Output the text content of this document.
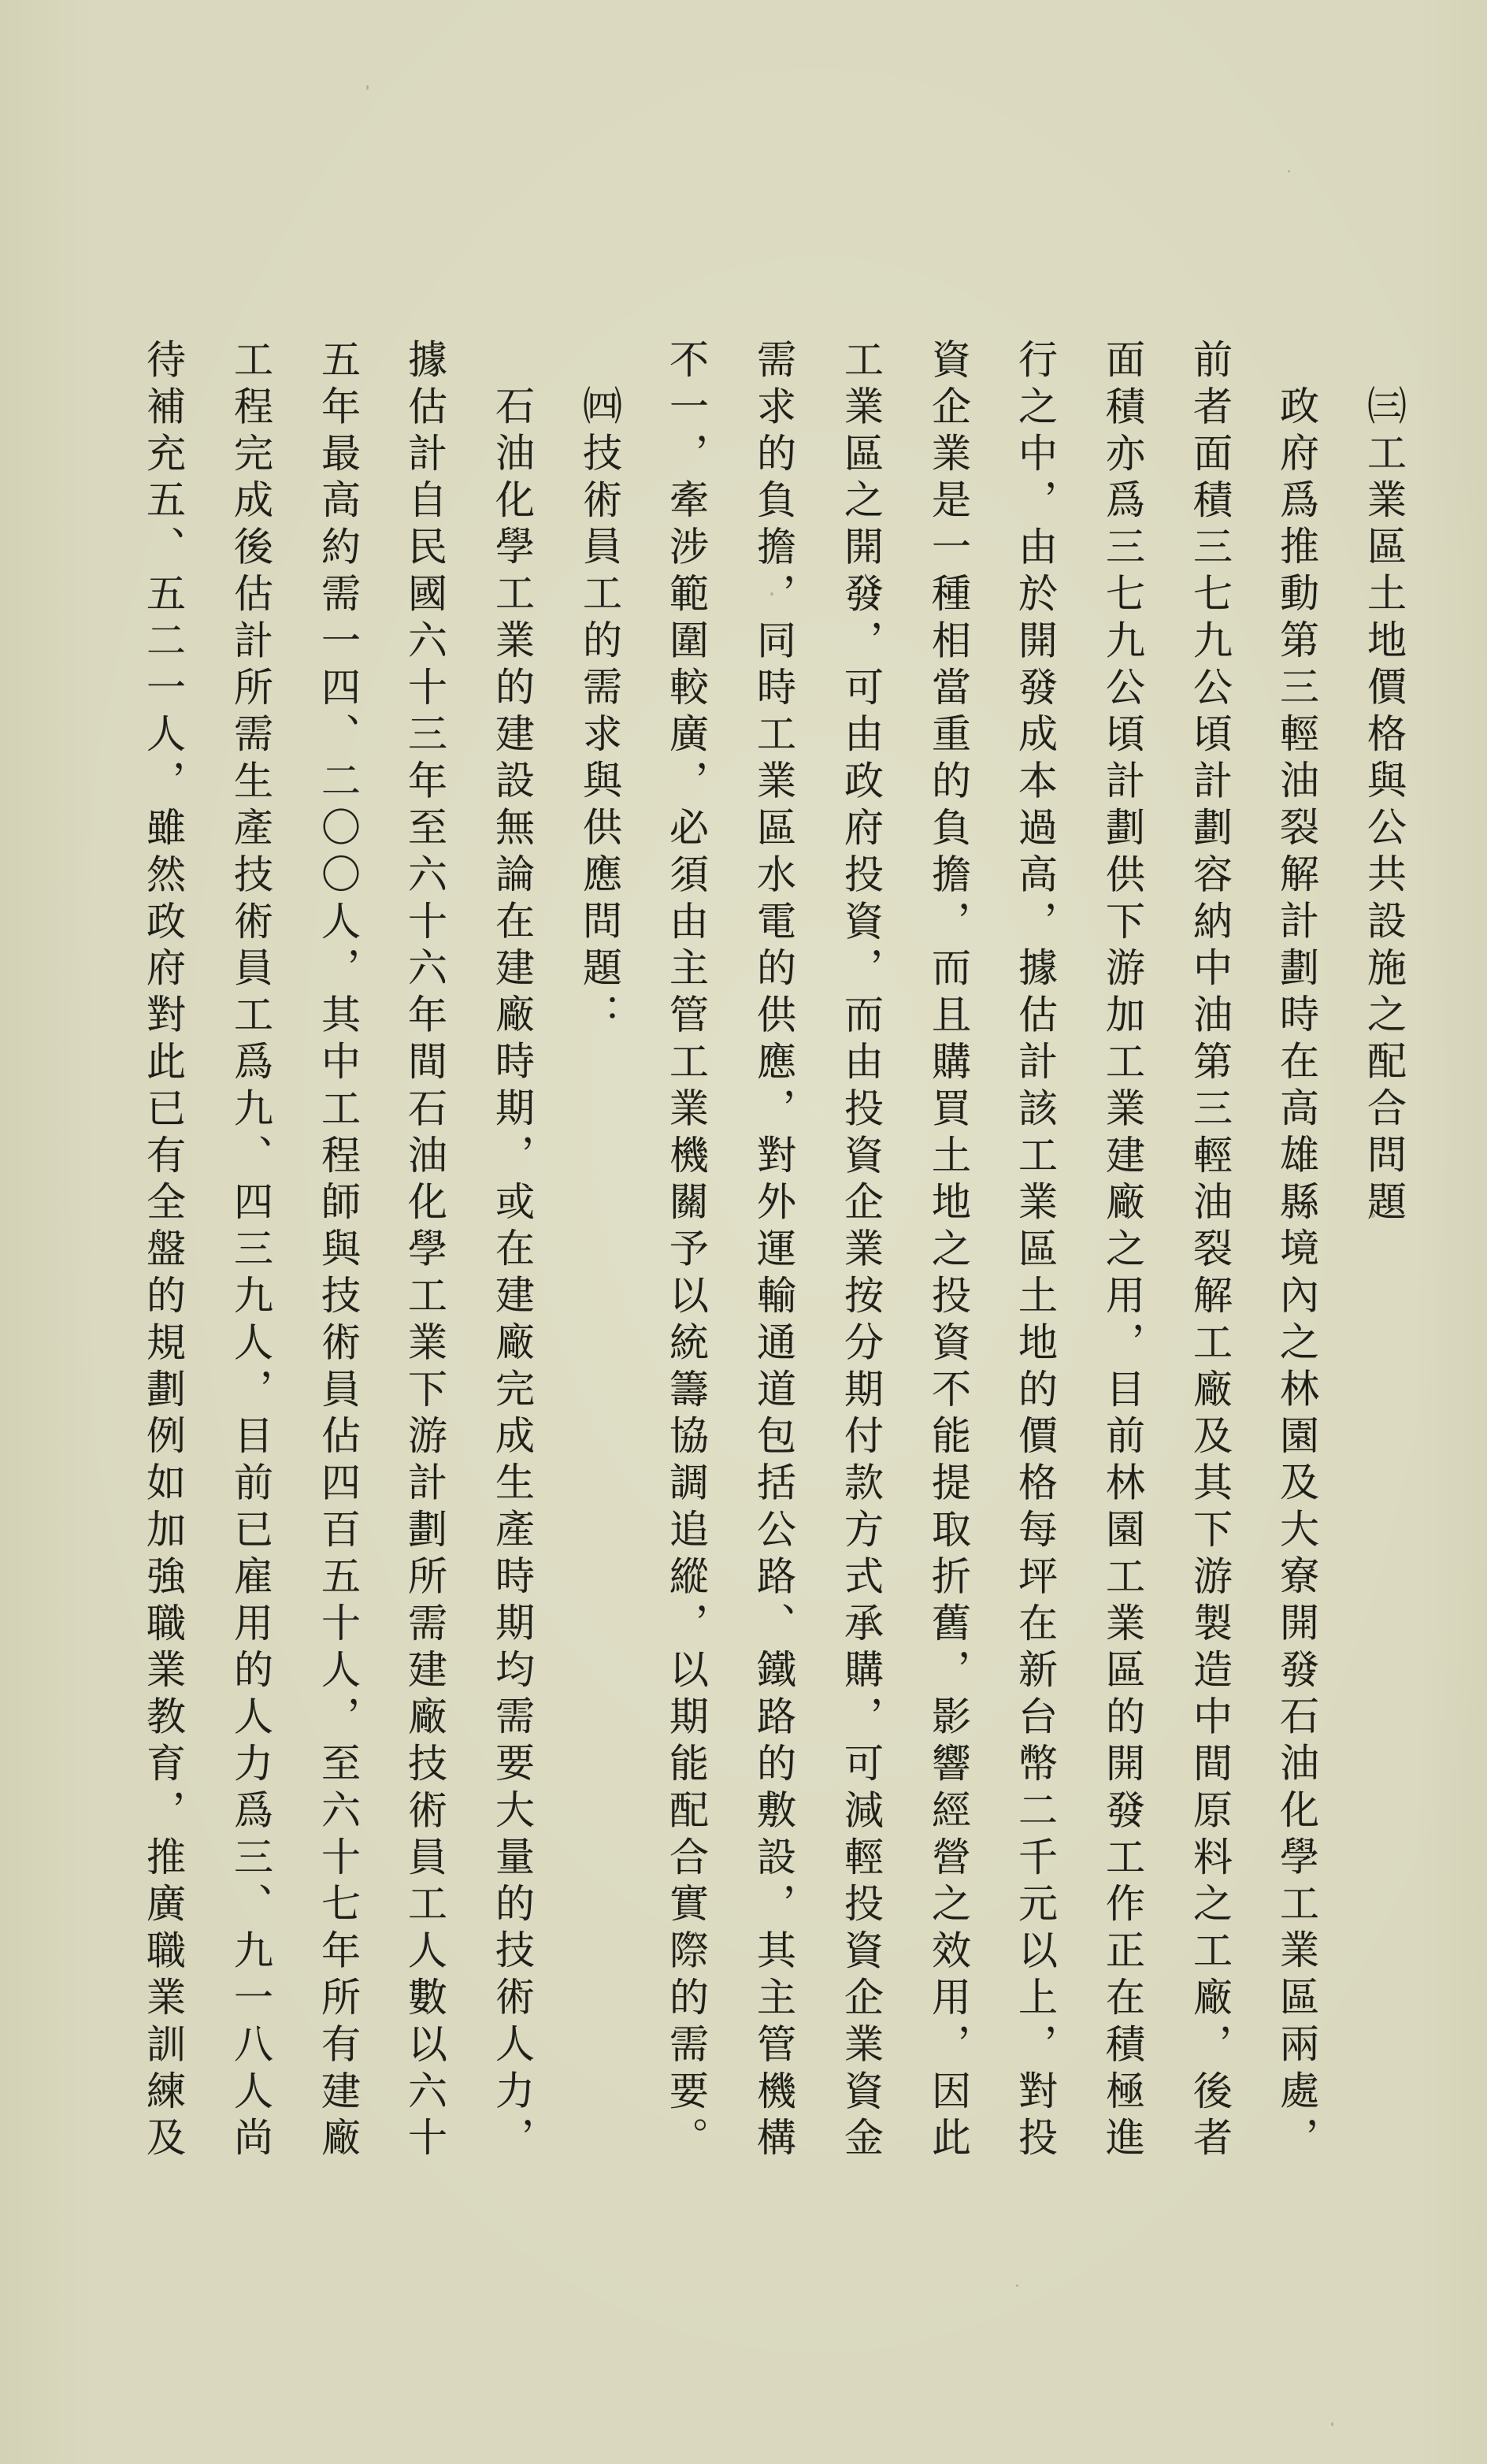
㈢工業區土地價格與公共設施之配合問題
政府爲推動第三輕油裂解計劃時在高雄縣境內之林園及大寮開發石油化學工業區兩處，
前者面積三七九公頃計劃容納中油第三輕油裂解工廠及其下游製造中間原料之工廠，後者
面積亦爲三七九公頃計劃供下游加工業建廠之用，目前林園工業區的開發工作正在積極進
行之中，由於開發成本過高，據估計該工業區土地的價格每坪在新台幣二千元以上，對投
資企業是一種相當重的負擔，而且購買土地之投資不能提取折舊，影響經營之效用，因此
工業區之開發，可由政府投資，而由投資企業按分期付款方式承購，可減輕投資企業資金
需求的負擔，同時工業區水電的供應，對外運輸通道包括公路、鐵路的敷設，其主管機構
不一，牽涉範圍較廣，必須由主管工業機關予以統籌協調追縱，以期能配合實際的需要。
㈣技術員工的需求與供應問題：
石油化學工業的建設無論在建廠時期，或在建廠完成生產時期均需要大量的技術人力，
據估計自民國六十三年至六十六年間石油化學工業下游計劃所需建廠技術員工人數以六十
五年最高約需一四、二〇〇人，其中工程師與技術員佔四百五十人，至六十七年所有建廠
工程完成後估計所需生產技術員工爲九、四三九人，目前已雇用的人力爲三、九一八人尚
待補充五、五二一人，雖然政府對此已有全盤的規劃例如加強職業教育，推廣職業訓練及
